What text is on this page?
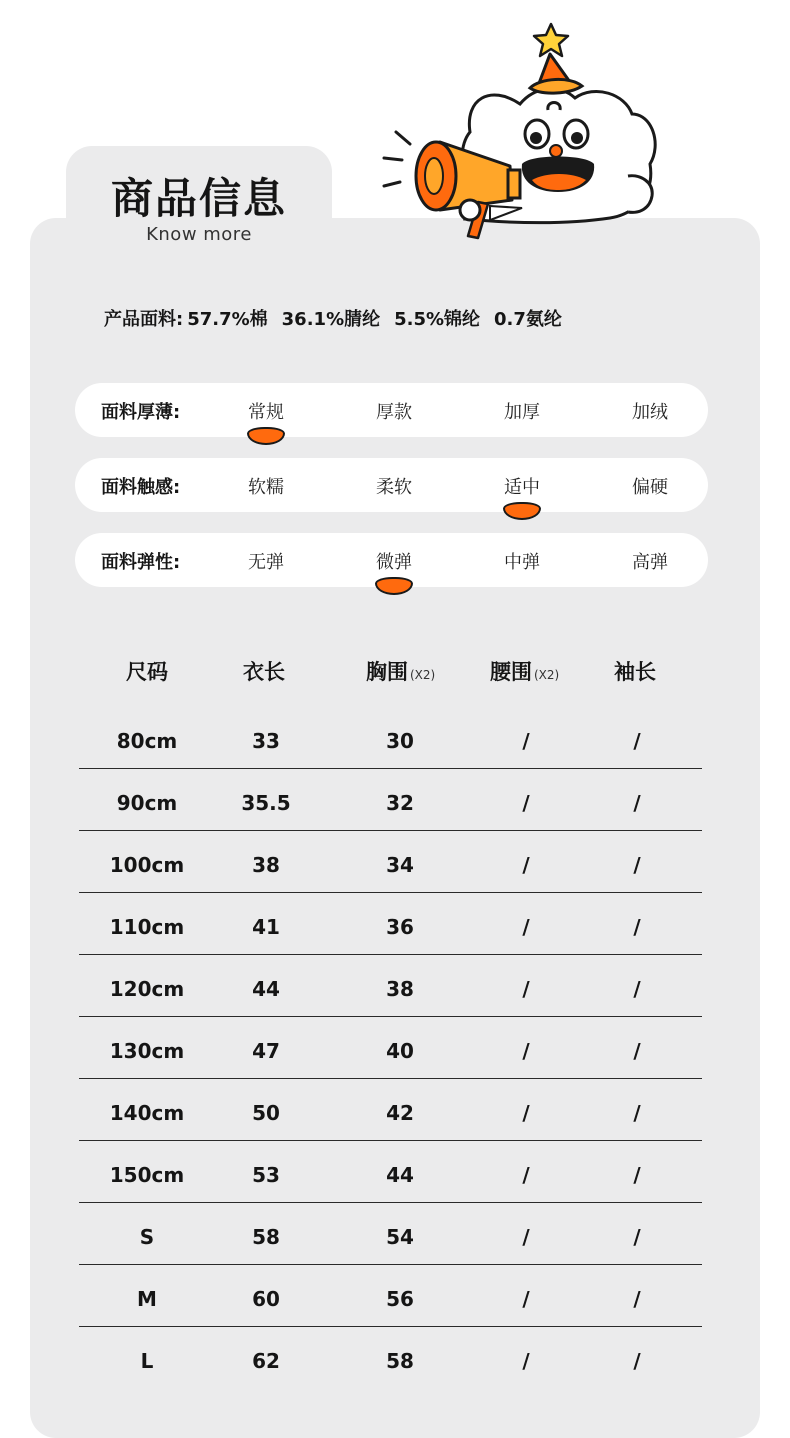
商品信息
Know more
产品面料: 57.7%棉 36.1%腈纶 5.5%锦纶 0.7氨纶
面料厚薄:	常规	厚款	加厚	加绒
面料触感:	软糯	柔软	适中	偏硬
面料弹性:	无弹	微弹	中弹	高弹
尺码	衣长	胸围 (X2)	腰围 (X2)	袖长
80cm	33	30	/	/
90cm	35.5	32	/	/
100cm	38	34	/	/
110cm	41	36	/	/
120cm	44	38	/	/
130cm	47	40	/	/
140cm	50	42	/	/
150cm	53	44	/	/
S	58	54	/	/
M	60	56	/	/
L	62	58	/	/
